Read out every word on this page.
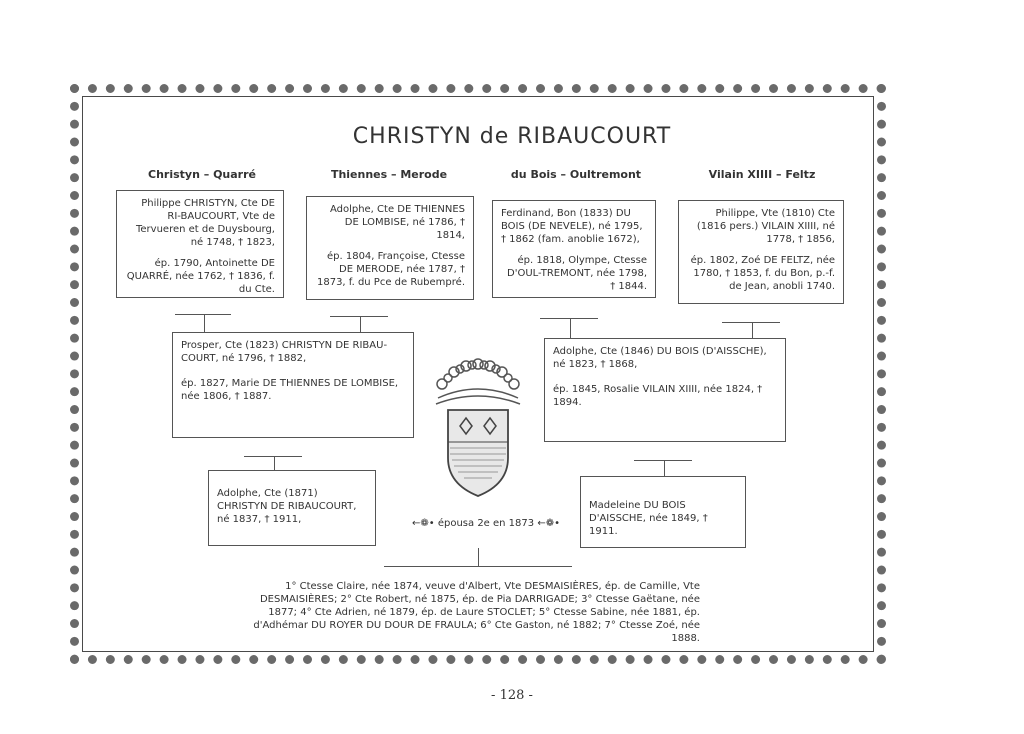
CHRISTYN de RIBAUCOURT
Christyn – Quarré	Thiennes – Merode	du Bois – Oultremont	Vilain XIIII – Feltz

Philippe CHRISTYN, Cte DE RI-BAUCOURT, Vte de Tervueren et de Duysbourg, né 1748, † 1823,

ép. 1790, Antoinette DE QUARRÉ, née 1762, † 1836, f. du Cte.

Adolphe, Cte DE THIENNES DE LOMBISE, né 1786, † 1814,

ép. 1804, Françoise, Ctesse DE MERODE, née 1787, † 1873, f. du Pce de Rubempré.

Ferdinand, Bon (1833) DU BOIS (DE NEVELE), né 1795, † 1862 (fam. anoblie 1672),

ép. 1818, Olympe, Ctesse D'OUL-TREMONT, née 1798, † 1844.

Philippe, Vte (1810) Cte (1816 pers.) VILAIN XIIII, né 1778, † 1856,

ép. 1802, Zoé DE FELTZ, née 1780, † 1853, f. du Bon, p.-f. de Jean, anobli 1740.

Prosper, Cte (1823) CHRISTYN DE RIBAU-COURT, né 1796, † 1882,

ép. 1827, Marie DE THIENNES DE LOMBISE, née 1806, † 1887.

Adolphe, Cte (1846) DU BOIS (D'AISSCHE), né 1823, † 1868,

ép. 1845, Rosalie VILAIN XIIII, née 1824, † 1894.

Adolphe, Cte (1871) CHRISTYN DE RIBAUCOURT, né 1837, † 1911,

Madeleine DU BOIS D'AISSCHE, née 1849, † 1911.

←❁• épousa 2e en 1873 ←❁•
1° Ctesse Claire, née 1874, veuve d'Albert, Vte DESMAISIÈRES, ép. de Camille, Vte DESMAISIÈRES; 2° Cte Robert, né 1875, ép. de Pia DARRIGADE; 3° Ctesse Gaëtane, née 1877; 4° Cte Adrien, né 1879, ép. de Laure STOCLET; 5° Ctesse Sabine, née 1881, ép. d'Adhémar DU ROYER DU DOUR DE FRAULA; 6° Cte Gaston, né 1882; 7° Ctesse Zoé, née 1888.
- 128 -
